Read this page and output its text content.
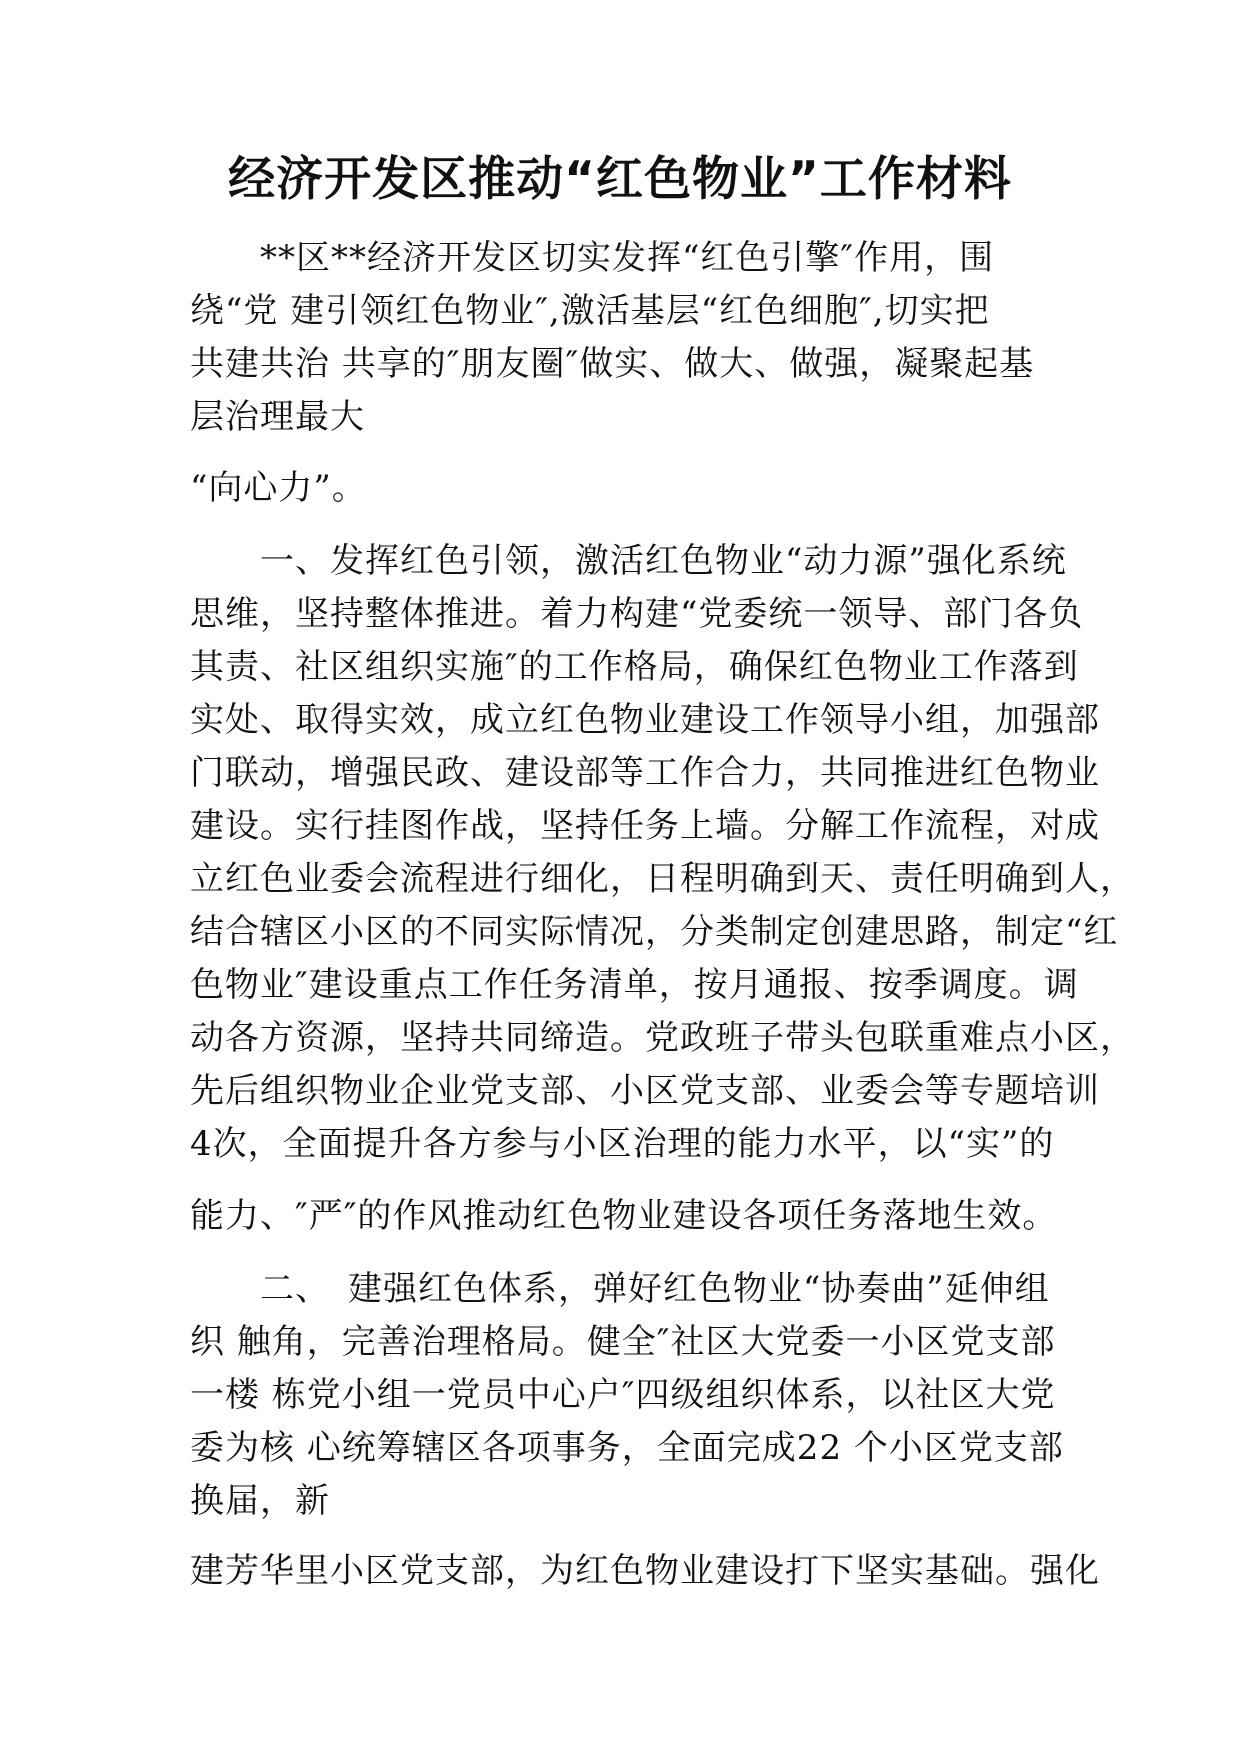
经济开发区推动“红色物业”工作材料

　　**区**经济开发区切实发挥“红色引擎″作用，围

绕“党 建引领红色物业″,激活基层“红色细胞″,切实把

共建共治 共享的″朋友圈″做实、做大、做强，凝聚起基

层治理最大

“向心力”。

　　一、发挥红色引领，激活红色物业“动力源”强化系统

思维，坚持整体推进。着力构建“党委统一领导、部门各负

其责、社区组织实施″的工作格局，确保红色物业工作落到

实处、取得实效，成立红色物业建设工作领导小组，加强部

门联动，增强民政、建设部等工作合力，共同推进红色物业

建设。实行挂图作战，坚持任务上墙。分解工作流程，对成

立红色业委会流程进行细化，日程明确到天、责任明确到人，

结合辖区小区的不同实际情况，分类制定创建思路，制定“红

色物业″建设重点工作任务清单，按月通报、按季调度。调

动各方资源，坚持共同缔造。党政班子带头包联重难点小区，

先后组织物业企业党支部、小区党支部、业委会等专题培训

4次，全面提升各方参与小区治理的能力水平，以“实”的

能力、″严″的作风推动红色物业建设各项任务落地生效。

　　二、　建强红色体系，弹好红色物业“协奏曲”延伸组

织 触角，完善治理格局。健全″社区大党委一小区党支部

一楼 栋党小组一党员中心户″四级组织体系，以社区大党

委为核 心统筹辖区各项事务，全面完成22 个小区党支部

换届，新

建芳华里小区党支部，为红色物业建设打下坚实基础。强化
